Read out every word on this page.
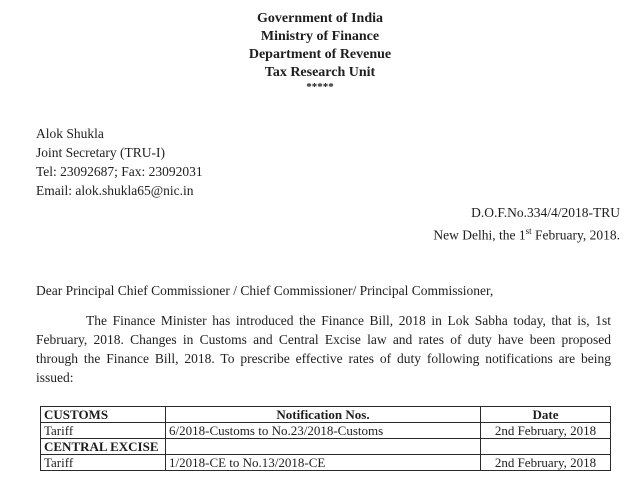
Government of India
Ministry of Finance
Department of Revenue
Tax Research Unit
*****
Alok Shukla
Joint Secretary (TRU-I)
Tel: 23092687; Fax: 23092031
Email: alok.shukla65@nic.in
D.O.F.No.334/4/2018-TRU
New Delhi, the 1st February, 2018.
Dear Principal Chief Commissioner / Chief Commissioner/ Principal Commissioner,
The Finance Minister has introduced the Finance Bill, 2018 in Lok Sabha today, that is, 1st February, 2018. Changes in Customs and Central Excise law and rates of duty have been proposed through the Finance Bill, 2018. To prescribe effective rates of duty following notifications are being issued:
CUSTOMS	Notification Nos.	Date
Tariff	6/2018-Customs to No.23/2018-Customs	2nd February, 2018
CENTRAL EXCISE		
Tariff	1/2018-CE to No.13/2018-CE	2nd February, 2018
